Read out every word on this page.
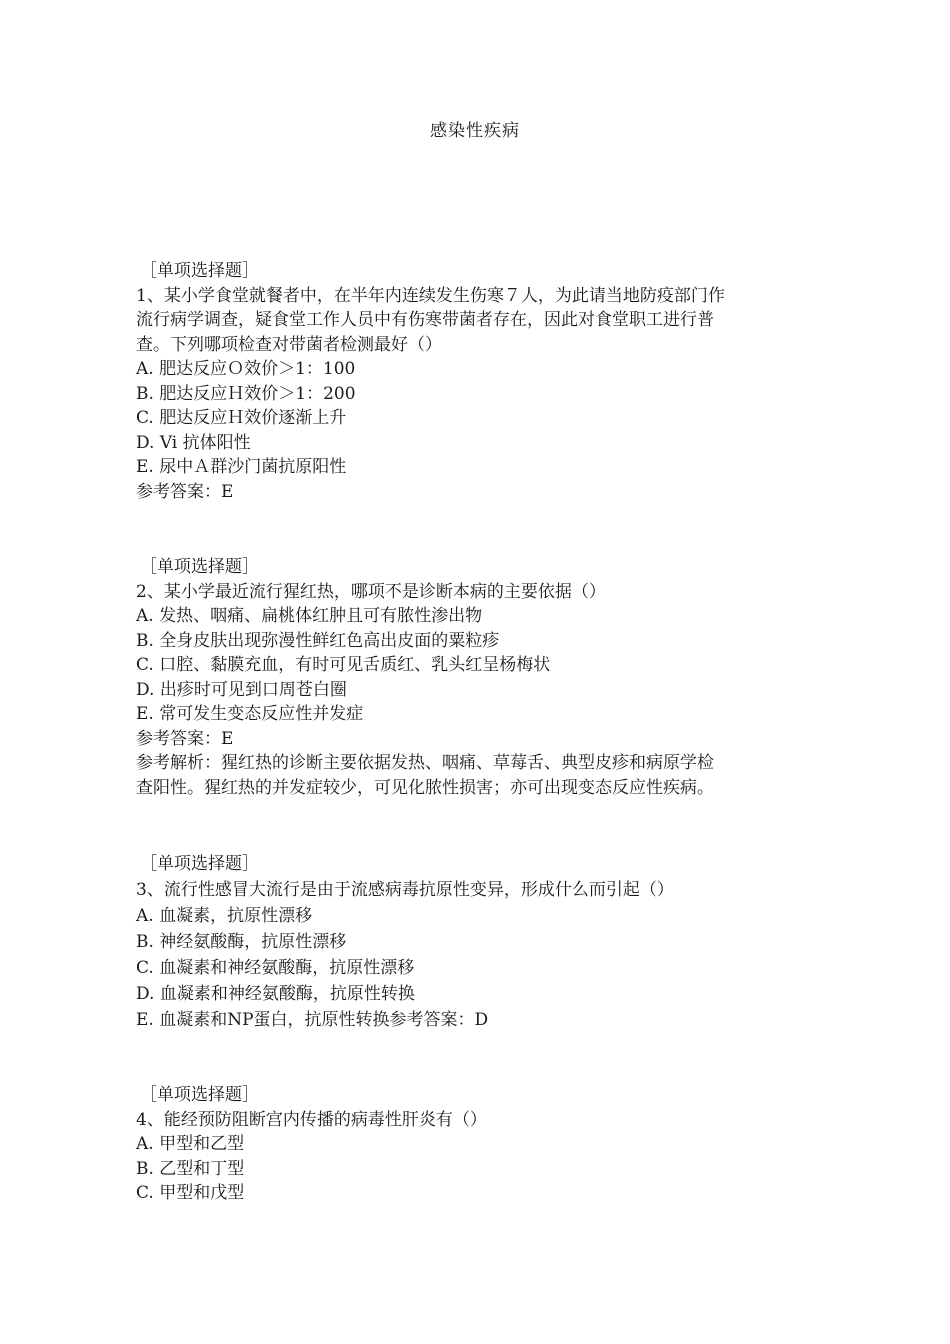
感染性疾病
［单项选择题］
1、某小学食堂就餐者中，在半年内连续发生伤寒７人，为此请当地防疫部门作
流行病学调查，疑食堂工作人员中有伤寒带菌者存在，因此对食堂职工进行普
查。下列哪项检查对带菌者检测最好（）
A. 肥达反应Ｏ效价＞1：100
B. 肥达反应Ｈ效价＞1：200
C. 肥达反应Ｈ效价逐渐上升
D. Vi 抗体阳性
E. 尿中Ａ群沙门菌抗原阳性
参考答案：E
［单项选择题］
2、某小学最近流行猩红热，哪项不是诊断本病的主要依据（）
A. 发热、咽痛、扁桃体红肿且可有脓性渗出物
B. 全身皮肤出现弥漫性鲜红色高出皮面的粟粒疹
C. 口腔、黏膜充血，有时可见舌质红、乳头红呈杨梅状
D. 出疹时可见到口周苍白圈
E. 常可发生变态反应性并发症
参考答案：E
参考解析：猩红热的诊断主要依据发热、咽痛、草莓舌、典型皮疹和病原学检
查阳性。猩红热的并发症较少，可见化脓性损害；亦可出现变态反应性疾病。
［单项选择题］
3、流行性感冒大流行是由于流感病毒抗原性变异，形成什么而引起（）
A. 血凝素，抗原性漂移
B. 神经氨酸酶，抗原性漂移
C. 血凝素和神经氨酸酶，抗原性漂移
D. 血凝素和神经氨酸酶，抗原性转换
E. 血凝素和NP蛋白，抗原性转换参考答案：D
［单项选择题］
4、能经预防阻断宫内传播的病毒性肝炎有（）
A. 甲型和乙型
B. 乙型和丁型
C. 甲型和戊型
